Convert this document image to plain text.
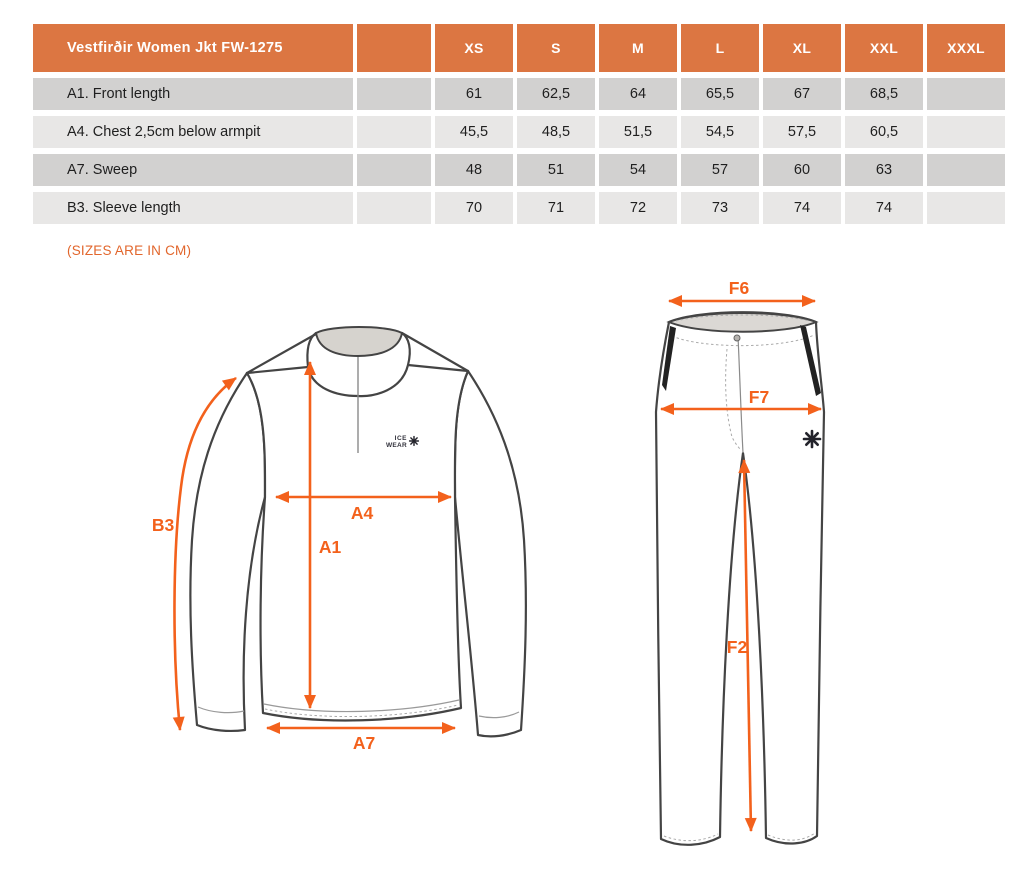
Vestfirðir Women Jkt FW-1275	XS	S	M	L	XL	XXL	XXXL
A1. Front length	61	62,5	64	65,5	67	68,5
A4. Chest 2,5cm below armpit	45,5	48,5	51,5	54,5	57,5	60,5
A7. Sweep	48	51	54	57	60	63
B3. Sleeve length	70	71	72	73	74	74
(SIZES ARE IN CM)
ICE
WEAR
B3
A1
A4
A7
F6
F7
F2
